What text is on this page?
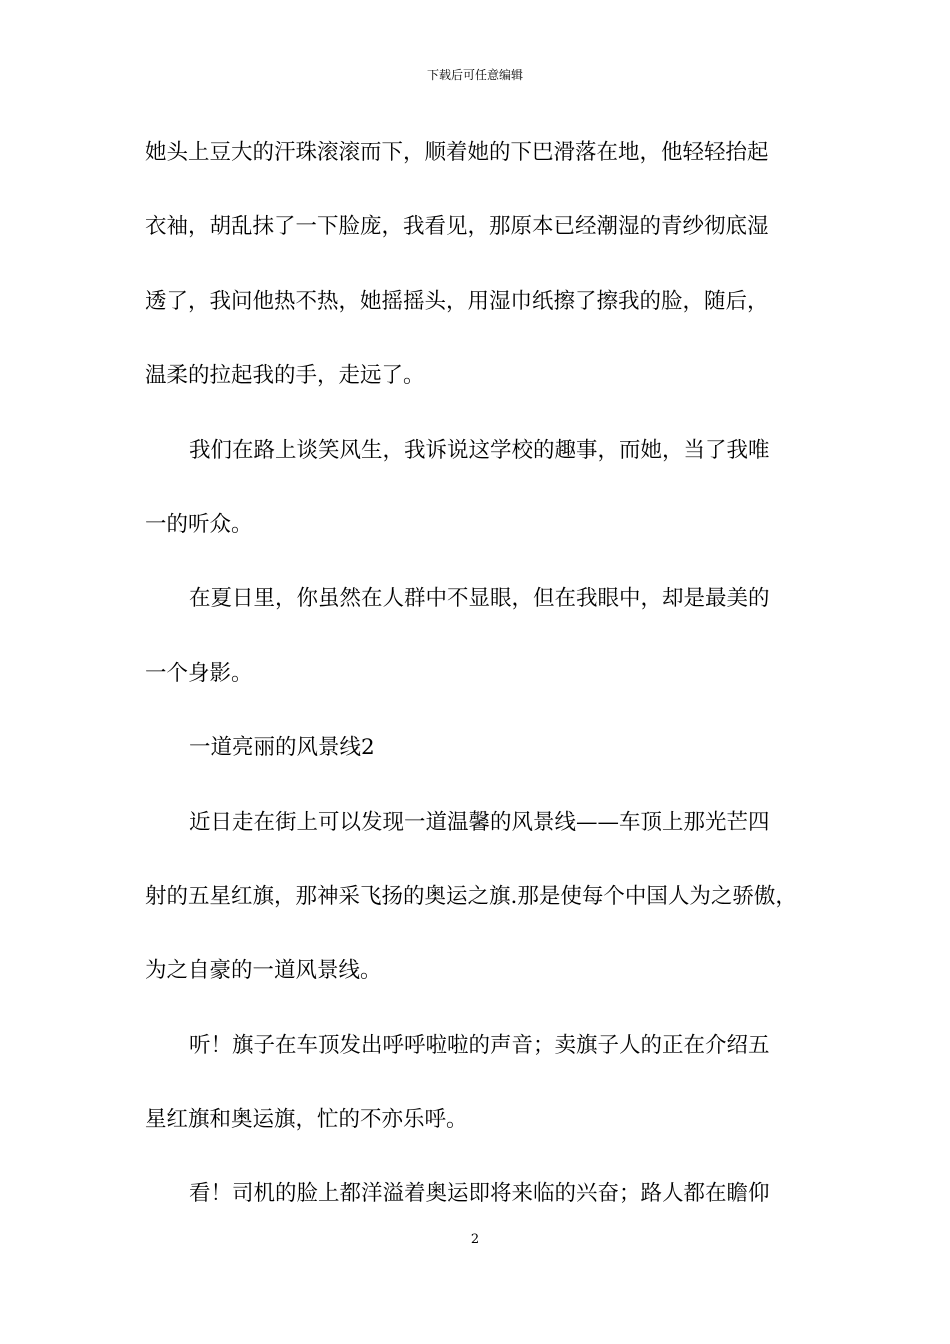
下载后可任意编辑
她头上豆大的汗珠滚滚而下，顺着她的下巴滑落在地，他轻轻抬起
衣袖，胡乱抹了一下脸庞，我看见，那原本已经潮湿的青纱彻底湿
透了，我问他热不热，她摇摇头，用湿巾纸擦了擦我的脸，随后，
温柔的拉起我的手，走远了。
我们在路上谈笑风生，我诉说这学校的趣事，而她，当了我唯
一的听众。
在夏日里，你虽然在人群中不显眼，但在我眼中，却是最美的
一个身影。
一道亮丽的风景线2
近日走在街上可以发现一道温馨的风景线——车顶上那光芒四
射的五星红旗，那神采飞扬的奥运之旗.那是使每个中国人为之骄傲，
为之自豪的一道风景线。
听！旗子在车顶发出呼呼啦啦的声音；卖旗子人的正在介绍五
星红旗和奥运旗，忙的不亦乐呼。
看！司机的脸上都洋溢着奥运即将来临的兴奋；路人都在瞻仰
2
